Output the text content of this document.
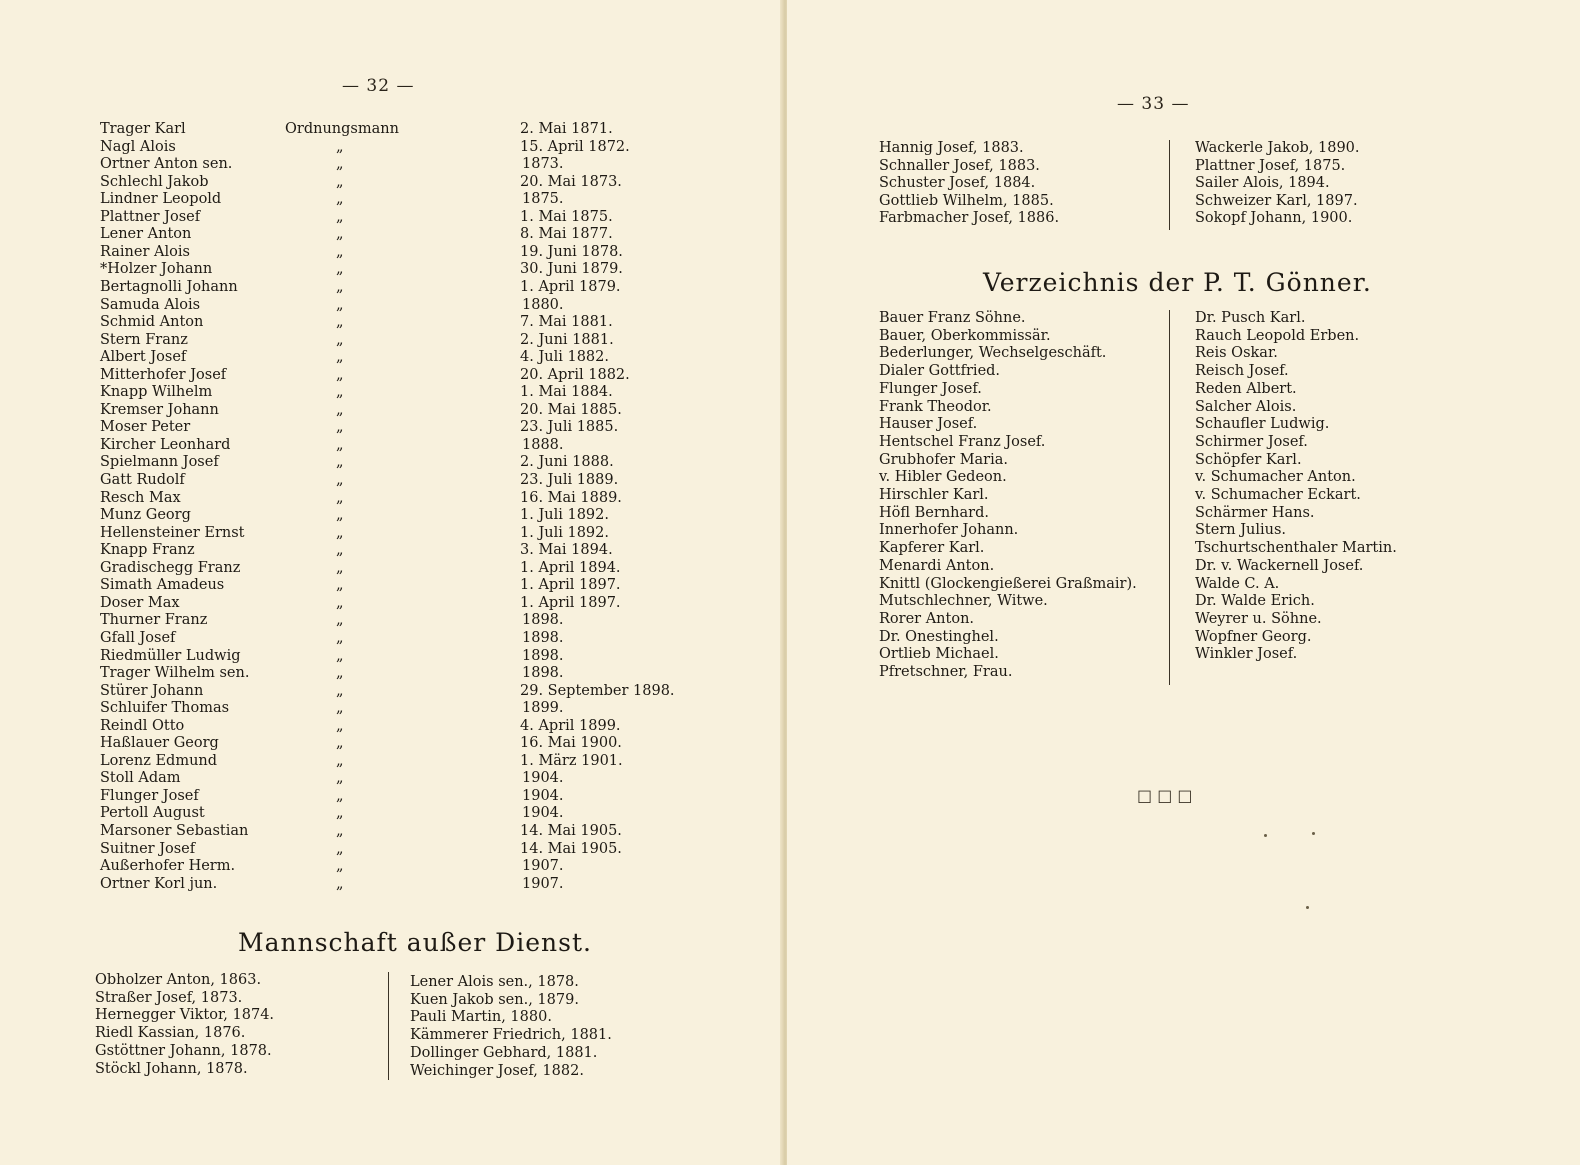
— 32 —
Trager Karl	Ordnungsmann	2. Mai 1871.
Nagl Alois	„	15. April 1872.
Ortner Anton sen.	„	1873.
Schlechl Jakob	„	20. Mai 1873.
Lindner Leopold	„	1875.
Plattner Josef	„	1. Mai 1875.
Lener Anton	„	8. Mai 1877.
Rainer Alois	„	19. Juni 1878.
*Holzer Johann	„	30. Juni 1879.
Bertagnolli Johann	„	1. April 1879.
Samuda Alois	„	1880.
Schmid Anton	„	7. Mai 1881.
Stern Franz	„	2. Juni 1881.
Albert Josef	„	4. Juli 1882.
Mitterhofer Josef	„	20. April 1882.
Knapp Wilhelm	„	1. Mai 1884.
Kremser Johann	„	20. Mai 1885.
Moser Peter	„	23. Juli 1885.
Kircher Leonhard	„	1888.
Spielmann Josef	„	2. Juni 1888.
Gatt Rudolf	„	23. Juli 1889.
Resch Max	„	16. Mai 1889.
Munz Georg	„	1. Juli 1892.
Hellensteiner Ernst	„	1. Juli 1892.
Knapp Franz	„	3. Mai 1894.
Gradischegg Franz	„	1. April 1894.
Simath Amadeus	„	1. April 1897.
Doser Max	„	1. April 1897.
Thurner Franz	„	1898.
Gfall Josef	„	1898.
Riedmüller Ludwig	„	1898.
Trager Wilhelm sen.	„	1898.
Stürer Johann	„	29. September 1898.
Schluifer Thomas	„	1899.
Reindl Otto	„	4. April 1899.
Haßlauer Georg	„	16. Mai 1900.
Lorenz Edmund	„	1. März 1901.
Stoll Adam	„	1904.
Flunger Josef	„	1904.
Pertoll August	„	1904.
Marsoner Sebastian	„	14. Mai 1905.
Suitner Josef	„	14. Mai 1905.
Außerhofer Herm.	„	1907.
Ortner Korl jun.	„	1907.
Mannschaft außer Dienst.
Obholzer Anton, 1863.
Straßer Josef, 1873.
Hernegger Viktor, 1874.
Riedl Kassian, 1876.
Gstöttner Johann, 1878.
Stöckl Johann, 1878.
Lener Alois sen., 1878.
Kuen Jakob sen., 1879.
Pauli Martin, 1880.
Kämmerer Friedrich, 1881.
Dollinger Gebhard, 1881.
Weichinger Josef, 1882.
— 33 —
Hannig Josef, 1883.
Schnaller Josef, 1883.
Schuster Josef, 1884.
Gottlieb Wilhelm, 1885.
Farbmacher Josef, 1886.
Wackerle Jakob, 1890.
Plattner Josef, 1875.
Sailer Alois, 1894.
Schweizer Karl, 1897.
Sokopf Johann, 1900.
Verzeichnis der P. T. Gönner.
Bauer Franz Söhne.
Bauer, Oberkommissär.
Bederlunger, Wechselgeschäft.
Dialer Gottfried.
Flunger Josef.
Frank Theodor.
Hauser Josef.
Hentschel Franz Josef.
Grubhofer Maria.
v. Hibler Gedeon.
Hirschler Karl.
Höfl Bernhard.
Innerhofer Johann.
Kapferer Karl.
Menardi Anton.
Knittl (Glockengießerei Graßmair).
Mutschlechner, Witwe.
Rorer Anton.
Dr. Onestinghel.
Ortlieb Michael.
Pfretschner, Frau.
Dr. Pusch Karl.
Rauch Leopold Erben.
Reis Oskar.
Reisch Josef.
Reden Albert.
Salcher Alois.
Schaufler Ludwig.
Schirmer Josef.
Schöpfer Karl.
v. Schumacher Anton.
v. Schumacher Eckart.
Schärmer Hans.
Stern Julius.
Tschurtschenthaler Martin.
Dr. v. Wackernell Josef.
Walde C. A.
Dr. Walde Erich.
Weyrer u. Söhne.
Wopfner Georg.
Winkler Josef.
□ □ □
